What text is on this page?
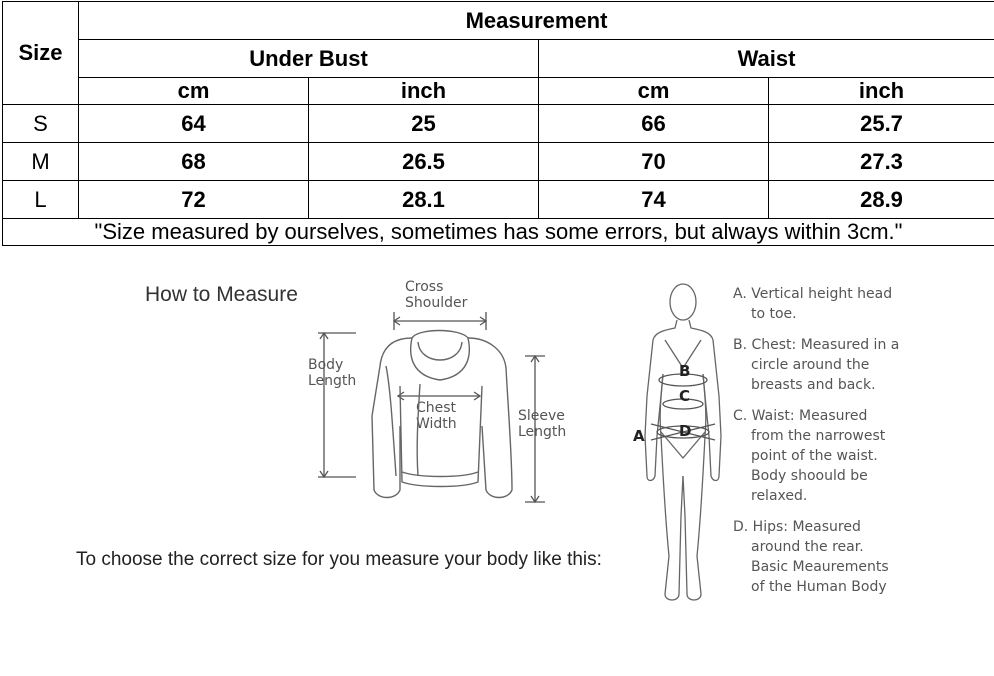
Size	Measurement			
	Under Bust		Waist	
	cm	inch	cm	inch
S	64	25	66	25.7
M	68	26.5	70	27.3
L	72	28.1	74	28.9
"Size measured by ourselves, sometimes has some errors, but always within 3cm."				
How to Measure
To choose the correct size for you measure your body like this:
Cross
Shoulder
Body
Length
Chest
Width	Sleeve
Length
B
C
D
A
A. Vertical height head
to toe.
B. Chest: Measured in a
circle around the
breasts and back.
C. Waist: Measured
from the narrowest
point of the waist.
Body shoould be
relaxed.
D. Hips: Measured
around the rear.
Basic Meaurements
of the Human Body
